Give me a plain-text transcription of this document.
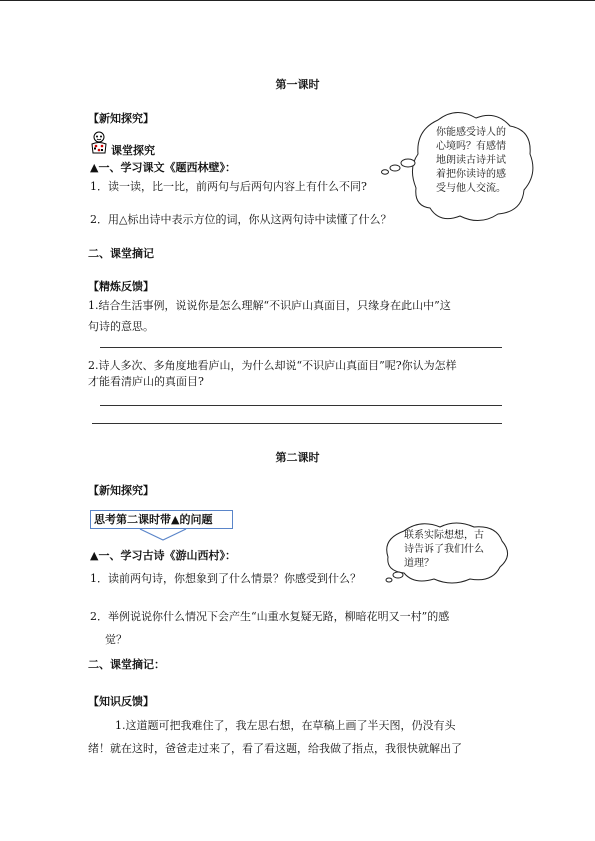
第一课时
【新知探究】
课堂探究
▲一、学习课文《题西林壁》：
1．读一读，比一比，前两句与后两句内容上有什么不同?
2．用△标出诗中表示方位的词，你从这两句诗中读懂了什么？
你能感受诗人的心境吗？有感情地朗读古诗并试着把你读诗的感受与他人交流。
二、课堂摘记
【精炼反馈】
1.结合生活事例，说说你是怎么理解“不识庐山真面目，只缘身在此山中”这
句诗的意思。
2.诗人多次、多角度地看庐山，为什么却说“不识庐山真面目”呢?你认为怎样
才能看清庐山的真面目?
第二课时
【新知探究】
思考第二课时带▲的问题
▲一、学习古诗《游山西村》：
1．读前两句诗，你想象到了什么情景？你感受到什么？
联系实际想想，古诗告诉了我们什么道理？
2．举例说说你什么情况下会产生“山重水复疑无路，柳暗花明又一村”的感
觉？
二、课堂摘记：
【知识反馈】
1.这道题可把我难住了，我左思右想，在草稿上画了半天图，仍没有头
绪！就在这时，爸爸走过来了，看了看这题，给我做了指点，我很快就解出了
